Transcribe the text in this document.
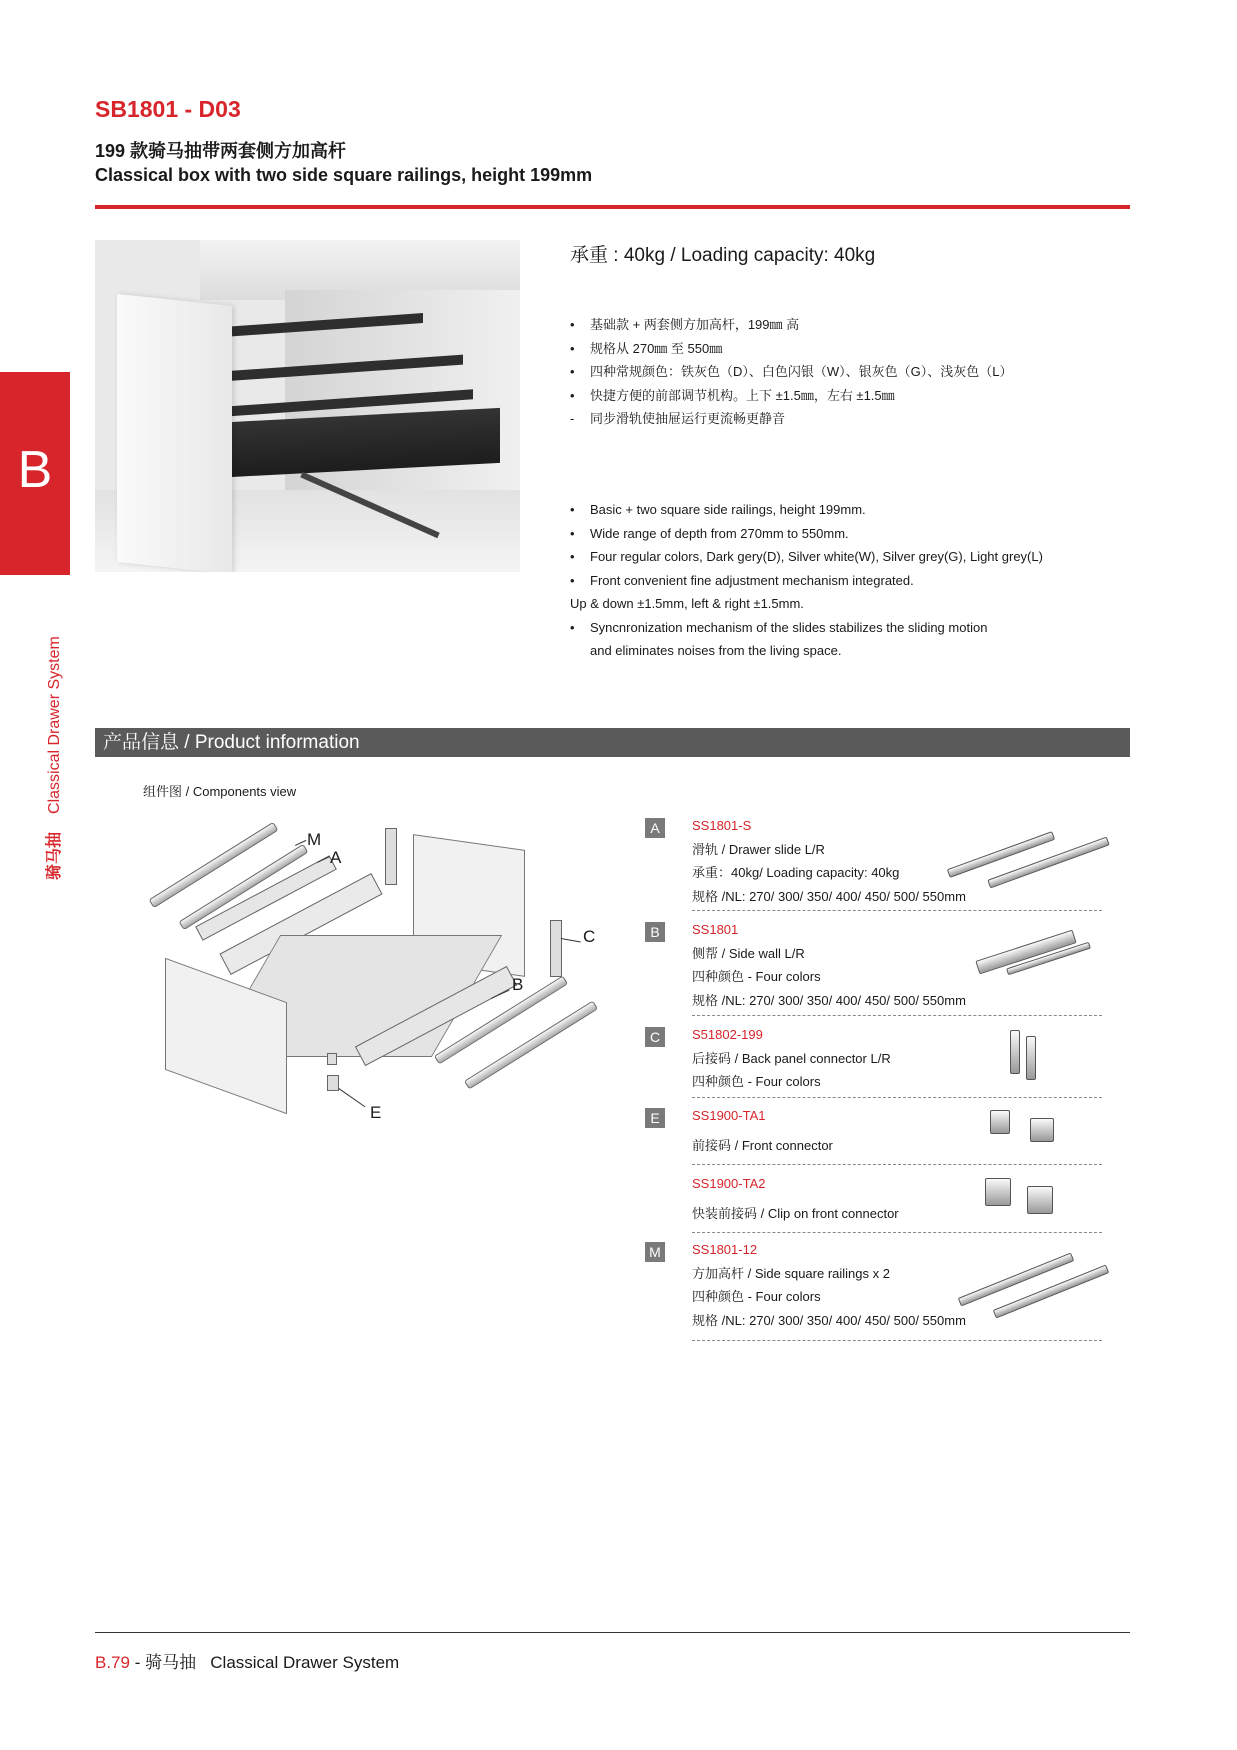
SB1801 - D03
199 款骑马抽带两套侧方加高杆
Classical box with two side square railings, height 199mm
B
骑马抽Classical Drawer System
承重 : 40kg / Loading capacity: 40kg
• 基础款 + 两套侧方加高杆，199㎜ 高
• 规格从 270㎜ 至 550㎜
• 四种常规颜色：铁灰色（D）、白色闪银（W）、银灰色（G）、浅灰色（L）
• 快捷方便的前部调节机构。上下 ±1.5㎜，左右 ±1.5㎜
- 同步滑轨使抽屉运行更流畅更静音
• Basic + two square side railings, height 199mm.
• Wide range of depth from 270mm to 550mm.
• Four regular colors, Dark gery(D), Silver white(W), Silver grey(G), Light grey(L)
• Front convenient fine adjustment mechanism integrated.
Up & down ±1.5mm, left & right ±1.5mm.
• Syncnronization mechanism of the slides stabilizes the sliding motion
and eliminates noises from the living space.
产品信息 / Product information
组件图 / Components view
M
A
C
B
E
A	SS1801-S
滑轨 / Drawer slide L/R
承重：40kg/ Loading capacity: 40kg
规格 /NL: 270/ 300/ 350/ 400/ 450/ 500/ 550mm
B	SS1801
侧帮 / Side wall L/R
四种颜色 - Four colors
规格 /NL: 270/ 300/ 350/ 400/ 450/ 500/ 550mm
C	S51802-199
后接码 / Back panel connector L/R
四种颜色 - Four colors
E	SS1900-TA1
前接码 / Front connector
SS1900-TA2
快装前接码 / Clip on front connector
M	SS1801-12
方加高杆 / Side square railings x 2
四种颜色 - Four colors
规格 /NL: 270/ 300/ 350/ 400/ 450/ 500/ 550mm
B.79 - 骑马抽 Classical Drawer System
